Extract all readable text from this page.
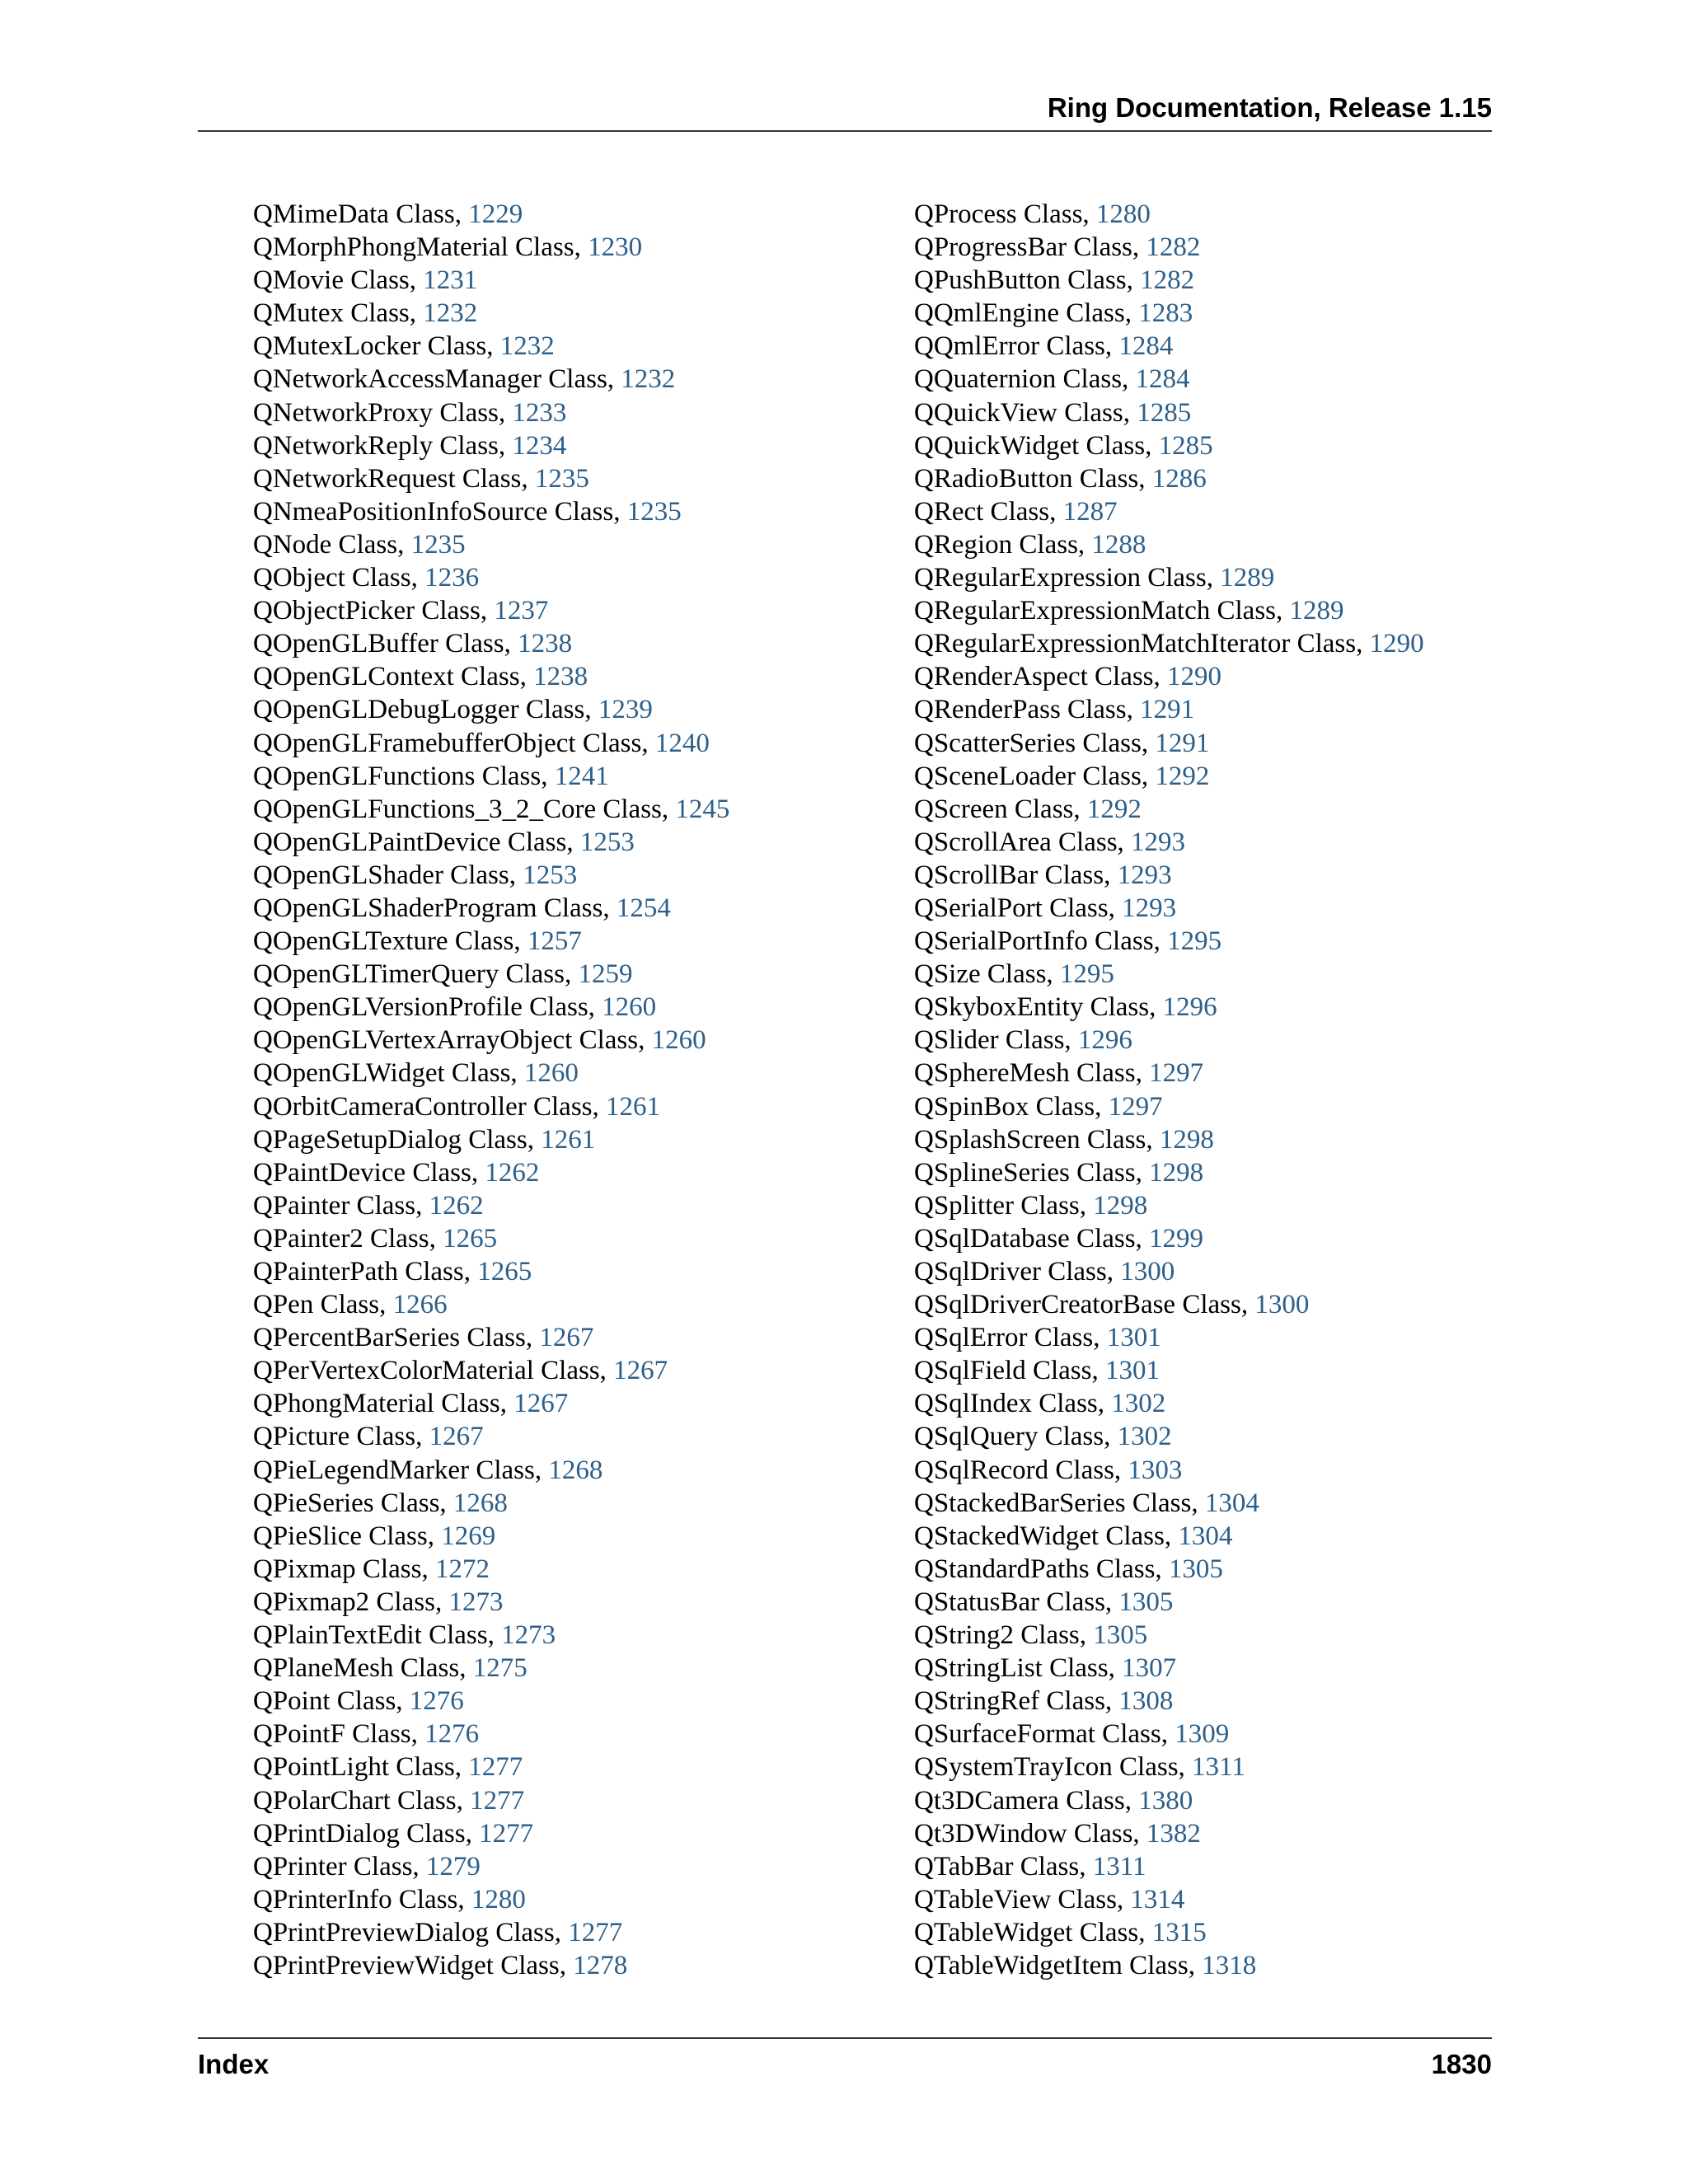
Ring Documentation, Release 1.15
QMimeData Class, 1229
QMorphPhongMaterial Class, 1230
QMovie Class, 1231
QMutex Class, 1232
QMutexLocker Class, 1232
QNetworkAccessManager Class, 1232
QNetworkProxy Class, 1233
QNetworkReply Class, 1234
QNetworkRequest Class, 1235
QNmeaPositionInfoSource Class, 1235
QNode Class, 1235
QObject Class, 1236
QObjectPicker Class, 1237
QOpenGLBuffer Class, 1238
QOpenGLContext Class, 1238
QOpenGLDebugLogger Class, 1239
QOpenGLFramebufferObject Class, 1240
QOpenGLFunctions Class, 1241
QOpenGLFunctions_3_2_Core Class, 1245
QOpenGLPaintDevice Class, 1253
QOpenGLShader Class, 1253
QOpenGLShaderProgram Class, 1254
QOpenGLTexture Class, 1257
QOpenGLTimerQuery Class, 1259
QOpenGLVersionProfile Class, 1260
QOpenGLVertexArrayObject Class, 1260
QOpenGLWidget Class, 1260
QOrbitCameraController Class, 1261
QPageSetupDialog Class, 1261
QPaintDevice Class, 1262
QPainter Class, 1262
QPainter2 Class, 1265
QPainterPath Class, 1265
QPen Class, 1266
QPercentBarSeries Class, 1267
QPerVertexColorMaterial Class, 1267
QPhongMaterial Class, 1267
QPicture Class, 1267
QPieLegendMarker Class, 1268
QPieSeries Class, 1268
QPieSlice Class, 1269
QPixmap Class, 1272
QPixmap2 Class, 1273
QPlainTextEdit Class, 1273
QPlaneMesh Class, 1275
QPoint Class, 1276
QPointF Class, 1276
QPointLight Class, 1277
QPolarChart Class, 1277
QPrintDialog Class, 1277
QPrinter Class, 1279
QPrinterInfo Class, 1280
QPrintPreviewDialog Class, 1277
QPrintPreviewWidget Class, 1278
QProcess Class, 1280
QProgressBar Class, 1282
QPushButton Class, 1282
QQmlEngine Class, 1283
QQmlError Class, 1284
QQuaternion Class, 1284
QQuickView Class, 1285
QQuickWidget Class, 1285
QRadioButton Class, 1286
QRect Class, 1287
QRegion Class, 1288
QRegularExpression Class, 1289
QRegularExpressionMatch Class, 1289
QRegularExpressionMatchIterator Class, 1290
QRenderAspect Class, 1290
QRenderPass Class, 1291
QScatterSeries Class, 1291
QSceneLoader Class, 1292
QScreen Class, 1292
QScrollArea Class, 1293
QScrollBar Class, 1293
QSerialPort Class, 1293
QSerialPortInfo Class, 1295
QSize Class, 1295
QSkyboxEntity Class, 1296
QSlider Class, 1296
QSphereMesh Class, 1297
QSpinBox Class, 1297
QSplashScreen Class, 1298
QSplineSeries Class, 1298
QSplitter Class, 1298
QSqlDatabase Class, 1299
QSqlDriver Class, 1300
QSqlDriverCreatorBase Class, 1300
QSqlError Class, 1301
QSqlField Class, 1301
QSqlIndex Class, 1302
QSqlQuery Class, 1302
QSqlRecord Class, 1303
QStackedBarSeries Class, 1304
QStackedWidget Class, 1304
QStandardPaths Class, 1305
QStatusBar Class, 1305
QString2 Class, 1305
QStringList Class, 1307
QStringRef Class, 1308
QSurfaceFormat Class, 1309
QSystemTrayIcon Class, 1311
Qt3DCamera Class, 1380
Qt3DWindow Class, 1382
QTabBar Class, 1311
QTableView Class, 1314
QTableWidget Class, 1315
QTableWidgetItem Class, 1318
Index	1830
